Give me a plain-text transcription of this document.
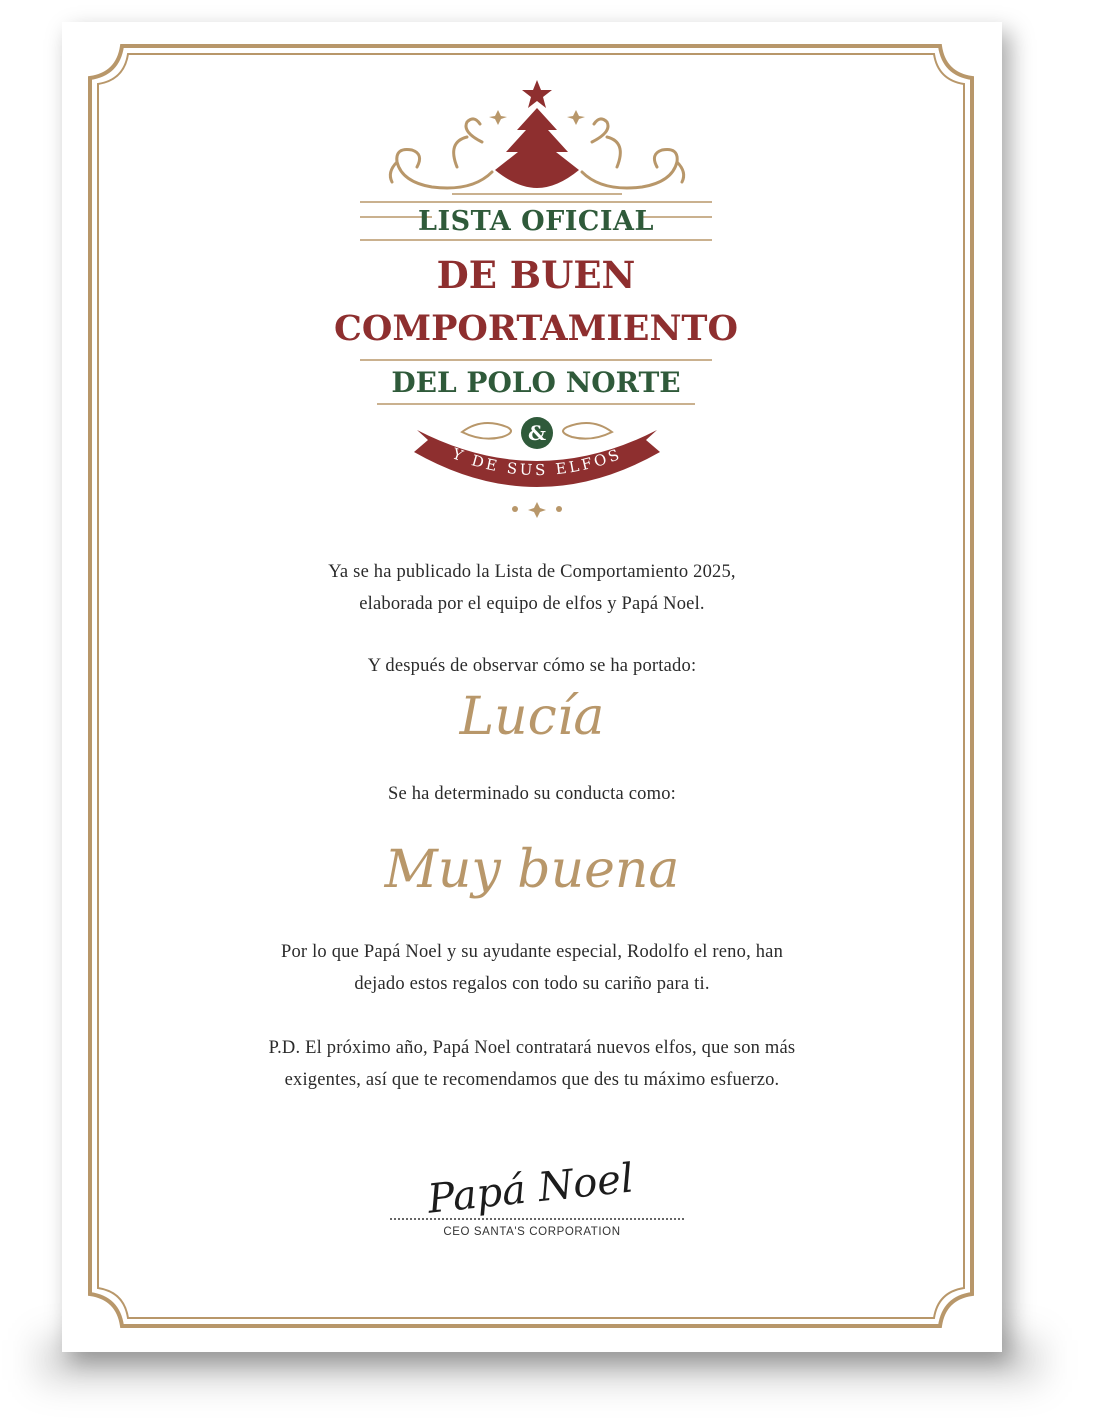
LISTA OFICIAL
DE BUEN
COMPORTAMIENTO
DEL POLO NORTE
&
Y DE SUS ELFOS
Ya se ha publicado la Lista de Comportamiento 2025,
elaborada por el equipo de elfos y Papá Noel.
Y después de observar cómo se ha portado:
Lucía
Se ha determinado su conducta como:
Muy buena
Por lo que Papá Noel y su ayudante especial, Rodolfo el reno, han
dejado estos regalos con todo su cariño para ti.
P.D. El próximo año, Papá Noel contratará nuevos elfos, que son más
exigentes, así que te recomendamos que des tu máximo esfuerzo.
Papá Noel
CEO SANTA'S CORPORATION
